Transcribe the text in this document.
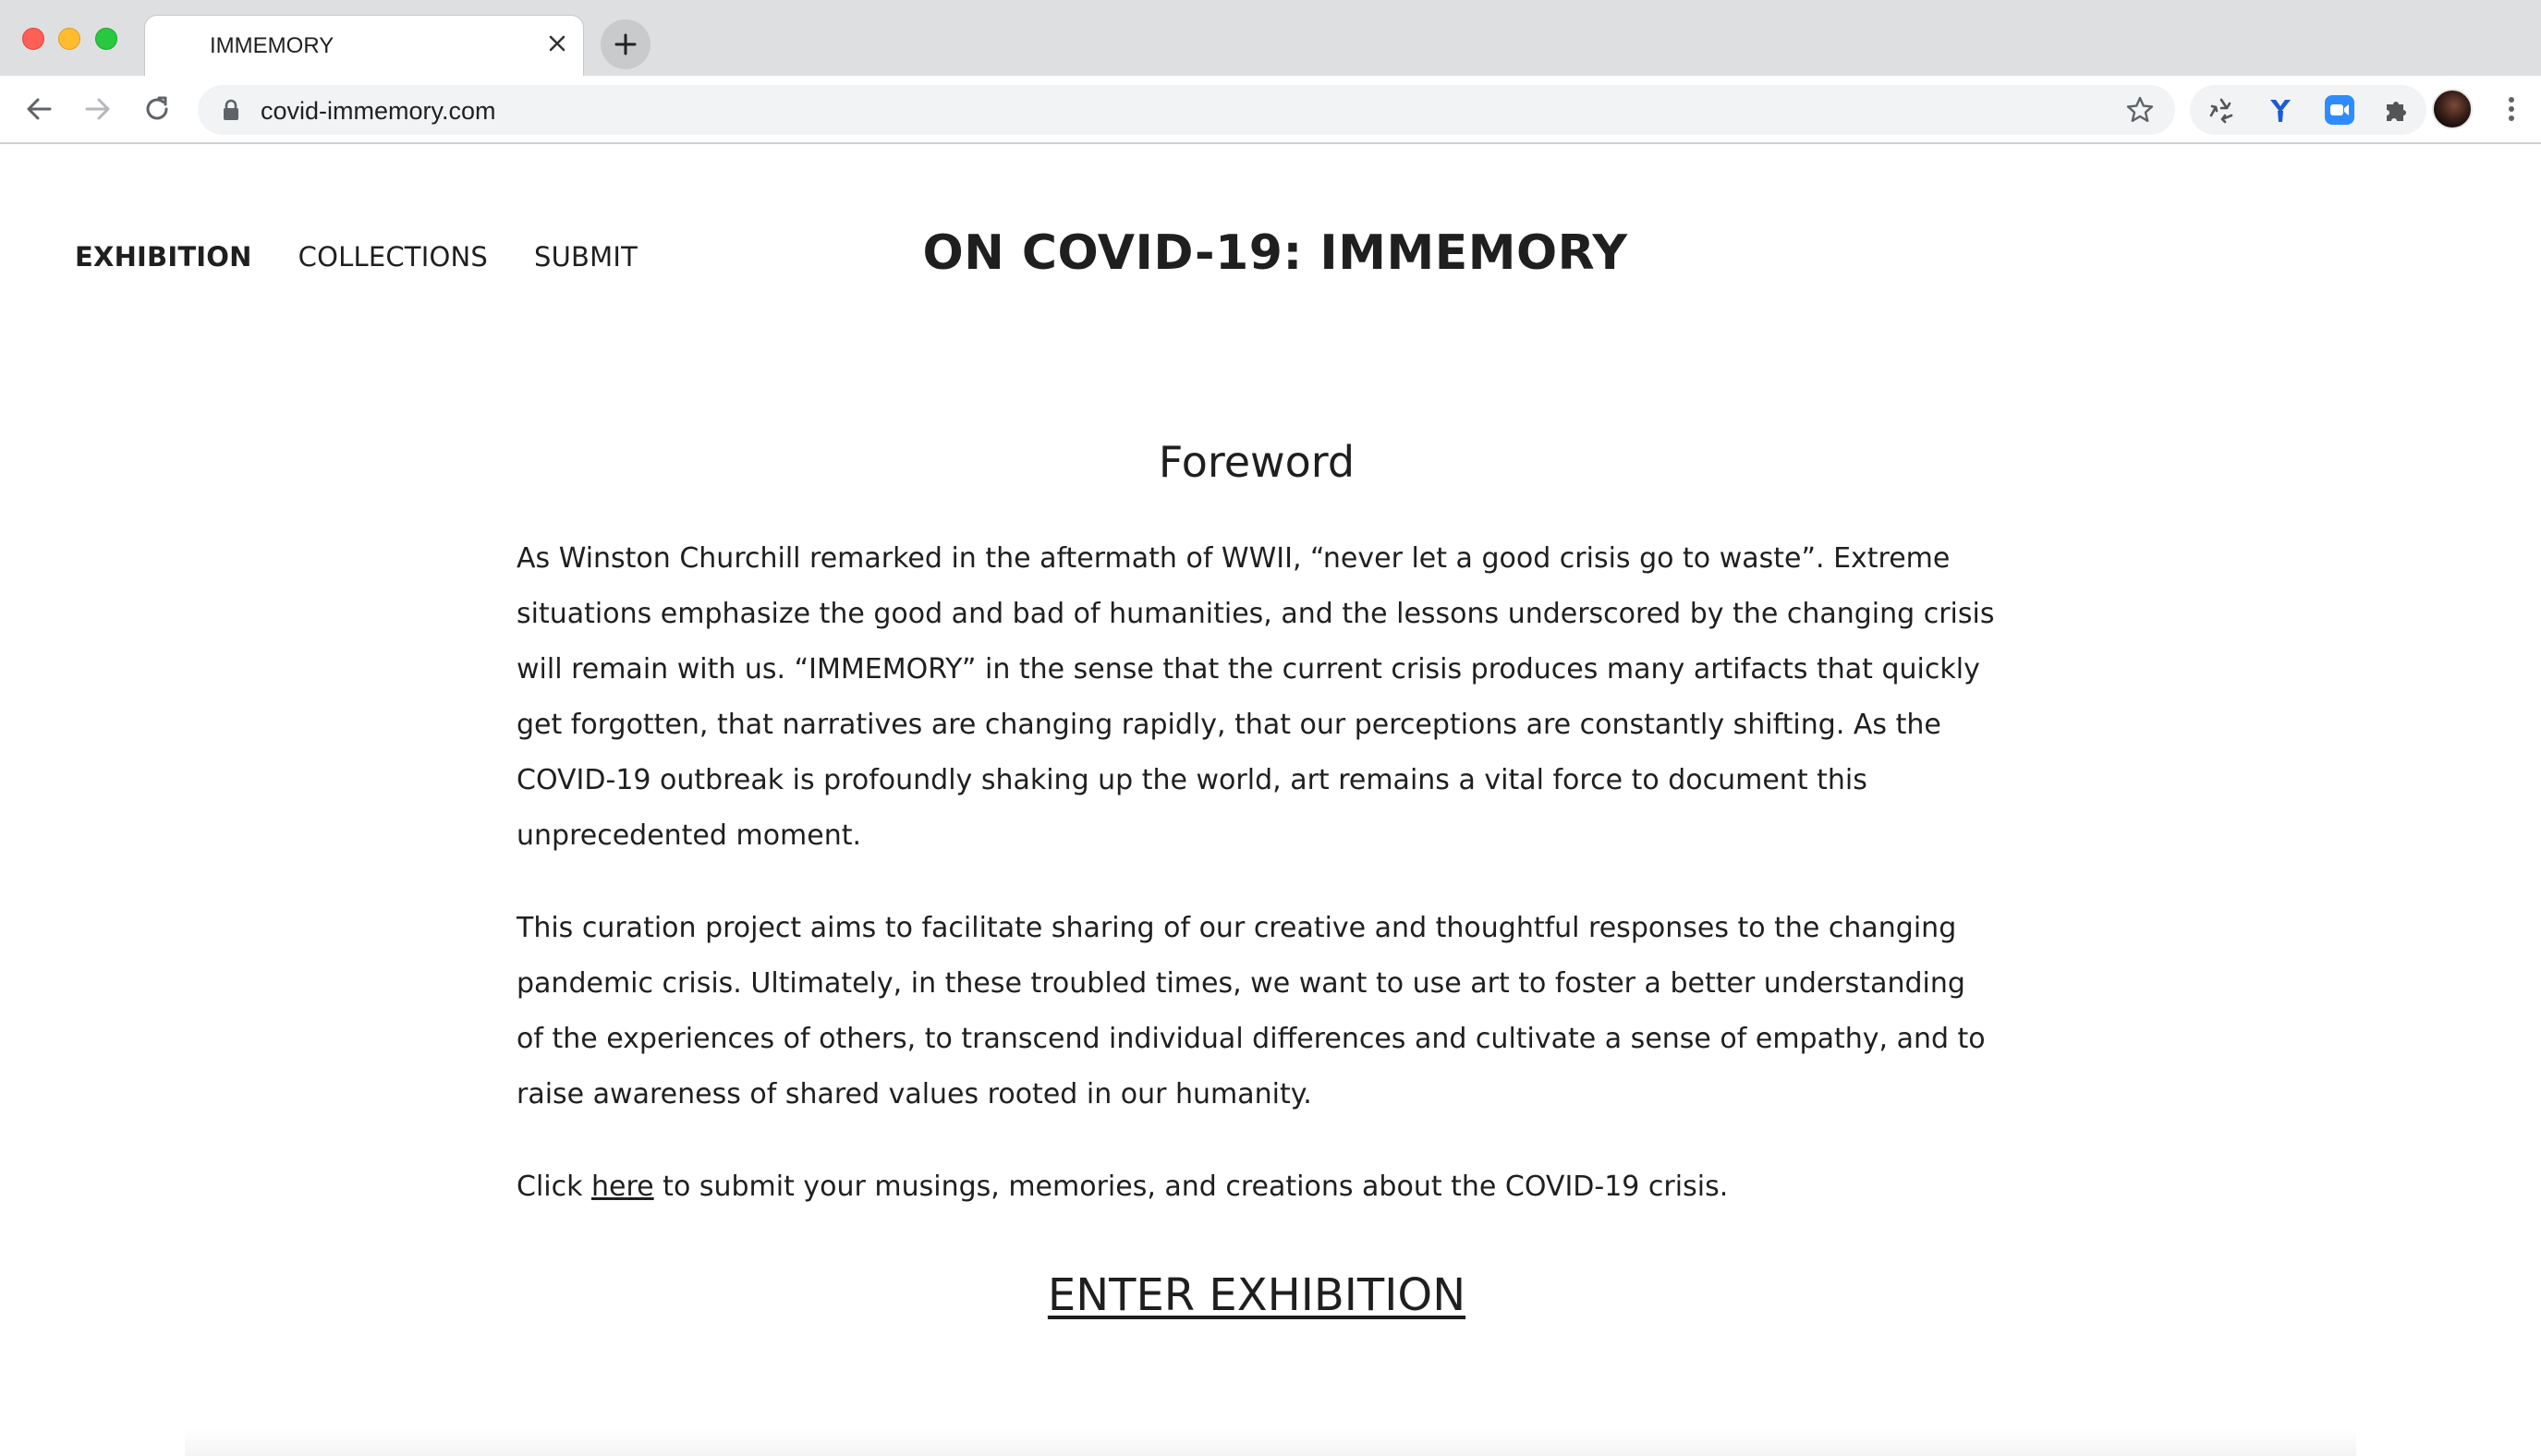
IMMEMORY
covid-immemory.com
EXHIBITION COLLECTIONS SUBMIT	ON COVID-19: IMMEMORY
Foreword

As Winston Churchill remarked in the aftermath of WWII, “never let a good crisis go to waste”. Extreme situations emphasize the good and bad of humanities, and the lessons underscored by the changing crisis will remain with us. “IMMEMORY” in the sense that the current crisis produces many artifacts that quickly get forgotten, that narratives are changing rapidly, that our perceptions are constantly shifting. As the COVID-19 outbreak is profoundly shaking up the world, art remains a vital force to document this unprecedented moment.

This curation project aims to facilitate sharing of our creative and thoughtful responses to the changing pandemic crisis. Ultimately, in these troubled times, we want to use art to foster a better understanding of the experiences of others, to transcend individual differences and cultivate a sense of empathy, and to raise awareness of shared values rooted in our humanity.

Click here to submit your musings, memories, and creations about the COVID-19 crisis.

ENTER EXHIBITION
